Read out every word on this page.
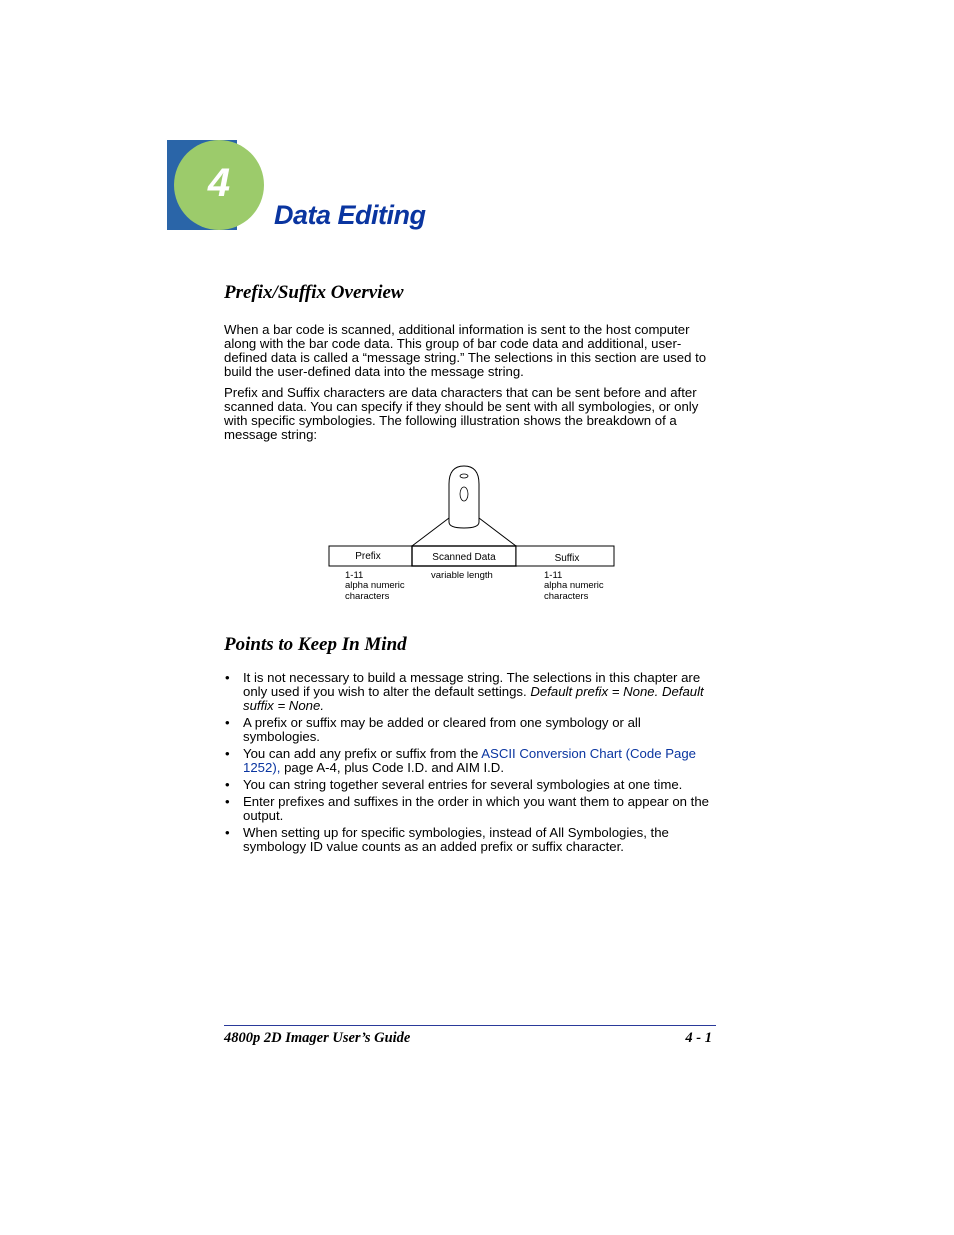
4
Data Editing
Prefix/Suffix Overview

When a bar code is scanned, additional information is sent to the host computer along with the bar code data. This group of bar code data and additional, user-defined data is called a “message string.” The selections in this section are used to build the user-defined data into the message string.

Prefix and Suffix characters are data characters that can be sent before and after scanned data. You can specify if they should be sent with all symbologies, or only with specific symbologies. The following illustration shows the breakdown of a message string:

Prefix	Scanned Data	Suffix
1-11
alpha numeric
characters
variable length	1-11
alpha numeric
characters
Points to Keep In Mind
• It is not necessary to build a message string. The selections in this chapter are only used if you wish to alter the default settings. Default prefix = None. Default suffix = None.
• A prefix or suffix may be added or cleared from one symbology or all symbologies.
• You can add any prefix or suffix from the ASCII Conversion Chart (Code Page 1252), page A-4, plus Code I.D. and AIM I.D.
• You can string together several entries for several symbologies at one time.
• Enter prefixes and suffixes in the order in which you want them to appear on the output.
• When setting up for specific symbologies, instead of All Symbologies, the symbology ID value counts as an added prefix or suffix character.
4800p 2D Imager User’s Guide	4 - 1
